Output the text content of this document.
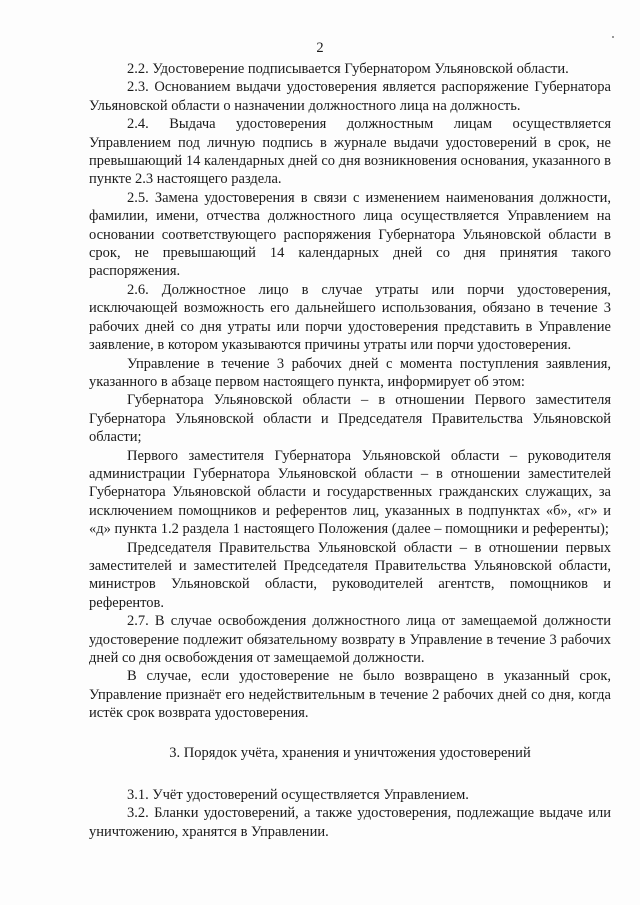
2

2.2. Удостоверение подписывается Губернатором Ульяновской области.

2.3. Основанием выдачи удостоверения является распоряжение Губернатора Ульяновской области о назначении должностного лица на должность.

2.4. Выдача удостоверения должностным лицам осуществляется Управлением под личную подпись в журнале выдачи удостоверений в срок, не превышающий 14 календарных дней со дня возникновения основания, указанного в пункте 2.3 настоящего раздела.

2.5. Замена удостоверения в связи с изменением наименования должности, фамилии, имени, отчества должностного лица осуществляется Управлением на основании соответствующего распоряжения Губернатора Ульяновской области в срок, не превышающий 14 календарных дней со дня принятия такого распоряжения.

2.6. Должностное лицо в случае утраты или порчи удостоверения, исключающей возможность его дальнейшего использования, обязано в течение 3 рабочих дней со дня утраты или порчи удостоверения представить в Управление заявление, в котором указываются причины утраты или порчи удостоверения.

Управление в течение 3 рабочих дней с момента поступления заявления, указанного в абзаце первом настоящего пункта, информирует об этом:

Губернатора Ульяновской области – в отношении Первого заместителя Губернатора Ульяновской области и Председателя Правительства Ульяновской области;

Первого заместителя Губернатора Ульяновской области – руководителя администрации Губернатора Ульяновской области – в отношении заместителей Губернатора Ульяновской области и государственных гражданских служащих, за исключением помощников и референтов лиц, указанных в подпунктах «б», «г» и «д» пункта 1.2 раздела 1 настоящего Положения (далее – помощники и референты);

Председателя Правительства Ульяновской области – в отношении первых заместителей и заместителей Председателя Правительства Ульяновской области, министров Ульяновской области, руководителей агентств, помощников и референтов.

2.7. В случае освобождения должностного лица от замещаемой должности удостоверение подлежит обязательному возврату в Управление в течение 3 рабочих дней со дня освобождения от замещаемой должности.

В случае, если удостоверение не было возвращено в указанный срок, Управление признаёт его недействительным в течение 2 рабочих дней со дня, когда истёк срок возврата удостоверения.

3. Порядок учёта, хранения и уничтожения удостоверений

3.1. Учёт удостоверений осуществляется Управлением.

3.2. Бланки удостоверений, а также удостоверения, подлежащие выдаче или уничтожению, хранятся в Управлении.
